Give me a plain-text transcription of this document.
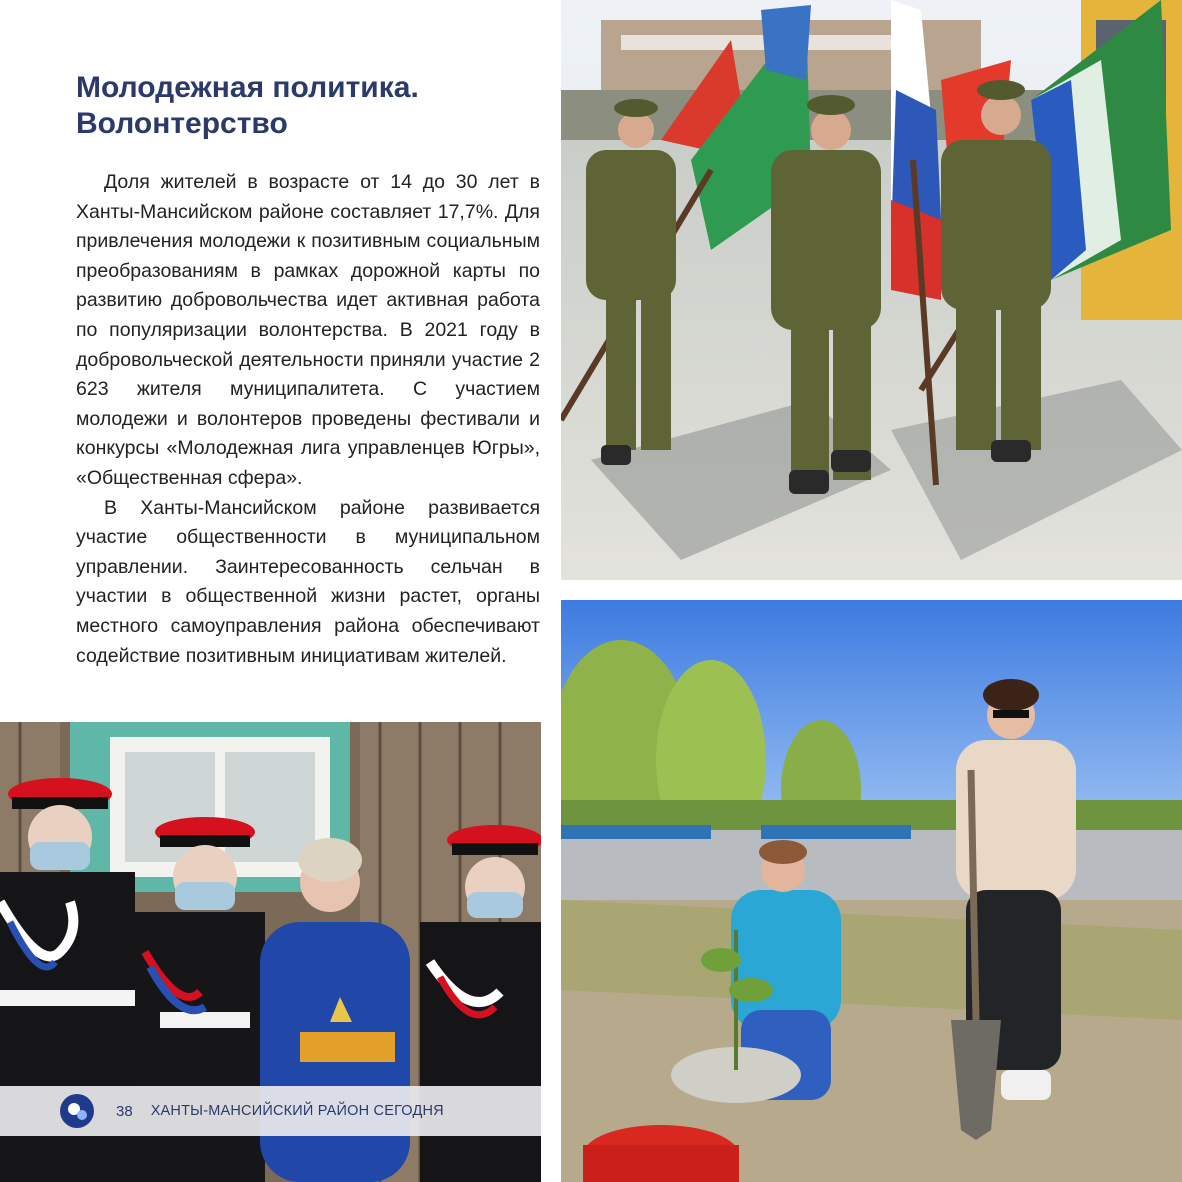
Молодежная политика.
Волонтерство

Доля жителей в возрасте от 14 до 30 лет в Ханты-Мансийском районе составляет 17,7%. Для привлечения молодежи к позитивным социальным преобразованиям в рамках дорожной карты по развитию добровольчества идет активная работа по популяризации волонтерства. В 2021 году в добровольческой деятельности приняли участие 2 623 жителя муниципалитета. С участием молодежи и волонтеров проведены фестивали и конкурсы «Молодежная лига управленцев Югры», «Общественная сфера».

В Ханты-Мансийском районе развивается участие общественности в муниципальном управлении. Заинтересованность сельчан в участии в общественной жизни растет, органы местного самоуправления района обеспечивают содействие позитивным инициативам жителей.

38 ХАНТЫ-МАНСИЙСКИЙ РАЙОН СЕГОДНЯ
